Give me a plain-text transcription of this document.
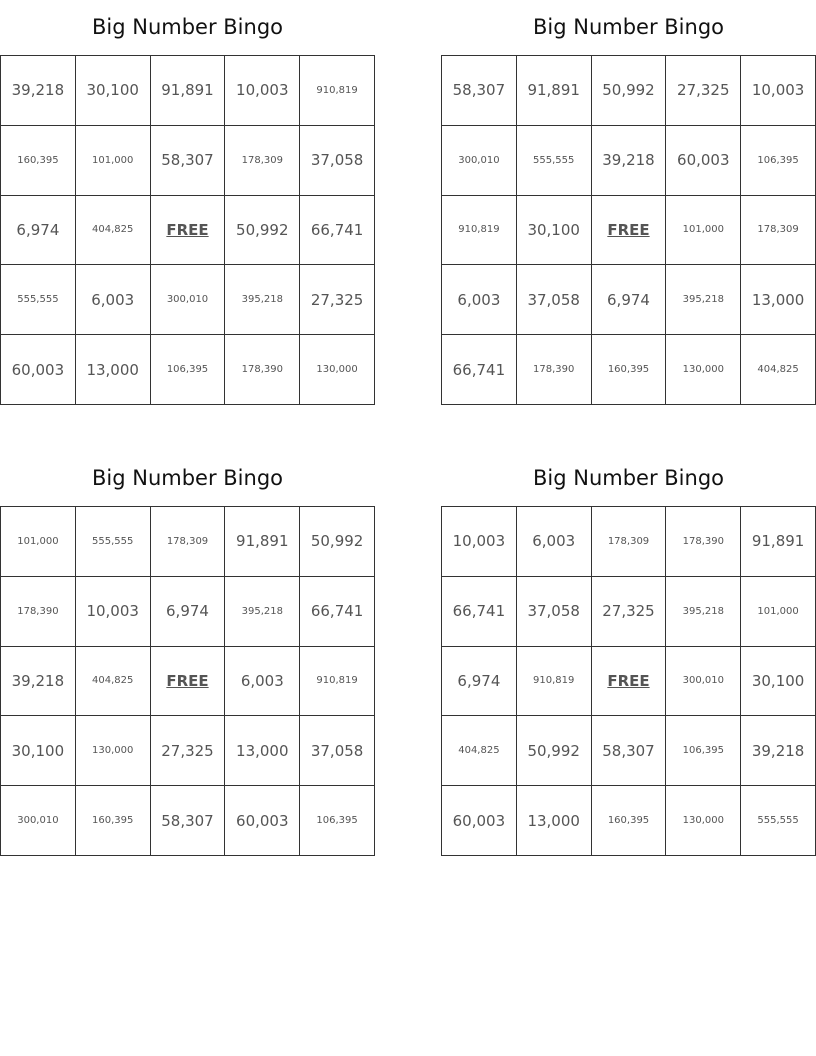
Big Number Bingo
39,218	30,100	91,891	10,003	910,819
160,395	101,000	58,307	178,309	37,058
6,974	404,825	FREE	50,992	66,741
555,555	6,003	300,010	395,218	27,325
60,003	13,000	106,395	178,390	130,000
Big Number Bingo
58,307	91,891	50,992	27,325	10,003
300,010	555,555	39,218	60,003	106,395
910,819	30,100	FREE	101,000	178,309
6,003	37,058	6,974	395,218	13,000
66,741	178,390	160,395	130,000	404,825
Big Number Bingo
101,000	555,555	178,309	91,891	50,992
178,390	10,003	6,974	395,218	66,741
39,218	404,825	FREE	6,003	910,819
30,100	130,000	27,325	13,000	37,058
300,010	160,395	58,307	60,003	106,395
Big Number Bingo
10,003	6,003	178,309	178,390	91,891
66,741	37,058	27,325	395,218	101,000
6,974	910,819	FREE	300,010	30,100
404,825	50,992	58,307	106,395	39,218
60,003	13,000	160,395	130,000	555,555
